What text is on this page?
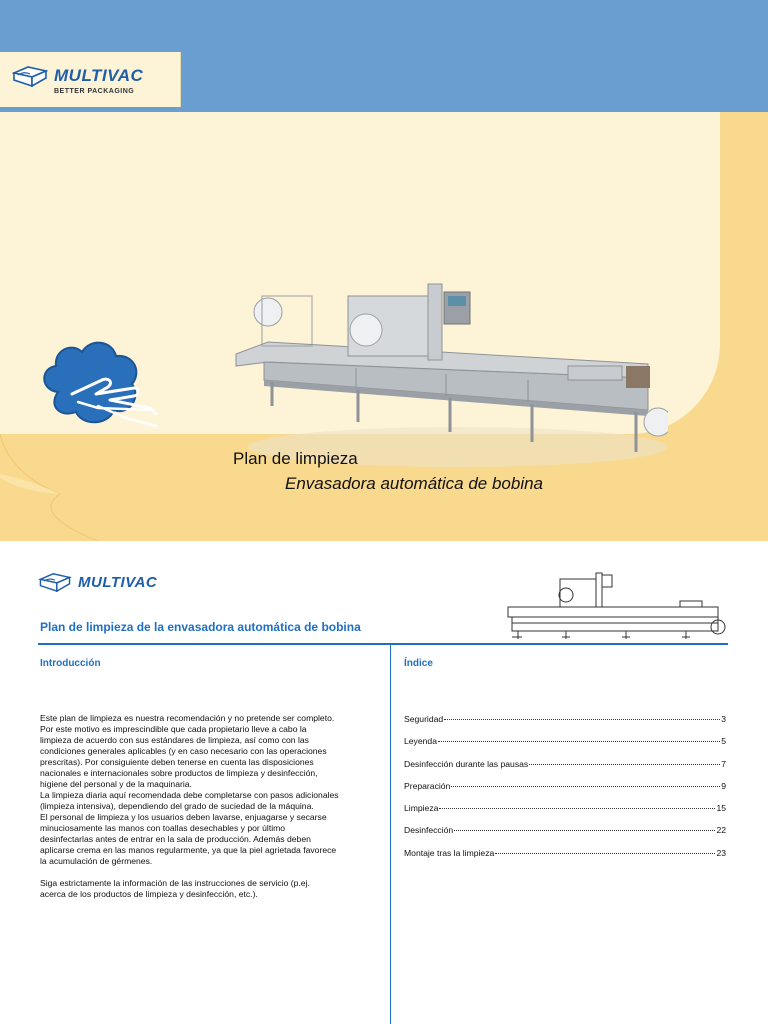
MULTIVAC
BETTER PACKAGING
Plan de limpieza
Envasadora automática de bobina
MULTIVAC
Plan de limpieza de la envasadora automática de bobina
Introducción	Índice

Este plan de limpieza es nuestra recomendación y no pretende ser completo.
Por este motivo es imprescindible que cada propietario lleve a cabo la
limpieza de acuerdo con sus estándares de limpieza, así como con las
condiciones generales aplicables (y en caso necesario con las operaciones
prescritas). Por consiguiente deben tenerse en cuenta las disposiciones
nacionales e internacionales sobre productos de limpieza y desinfección,
higiene del personal y de la maquinaria.
La limpieza diaria aquí recomendada debe completarse con pasos adicionales
(limpieza intensiva), dependiendo del grado de suciedad de la máquina.
El personal de limpieza y los usuarios deben lavarse, enjuagarse y secarse
minuciosamente las manos con toallas desechables y por último
desinfectarlas antes de entrar en la sala de producción. Además deben
aplicarse crema en las manos regularmente, ya que la piel agrietada favorece
la acumulación de gérmenes.

Siga estrictamente la información de las instrucciones de servicio (p.ej.
acerca de los productos de limpieza y desinfección, etc.).

Seguridad	3
Leyenda	5
Desinfección durante las pausas	7
Preparación	9
Limpieza	15
Desinfección	22
Montaje tras la limpieza	23
